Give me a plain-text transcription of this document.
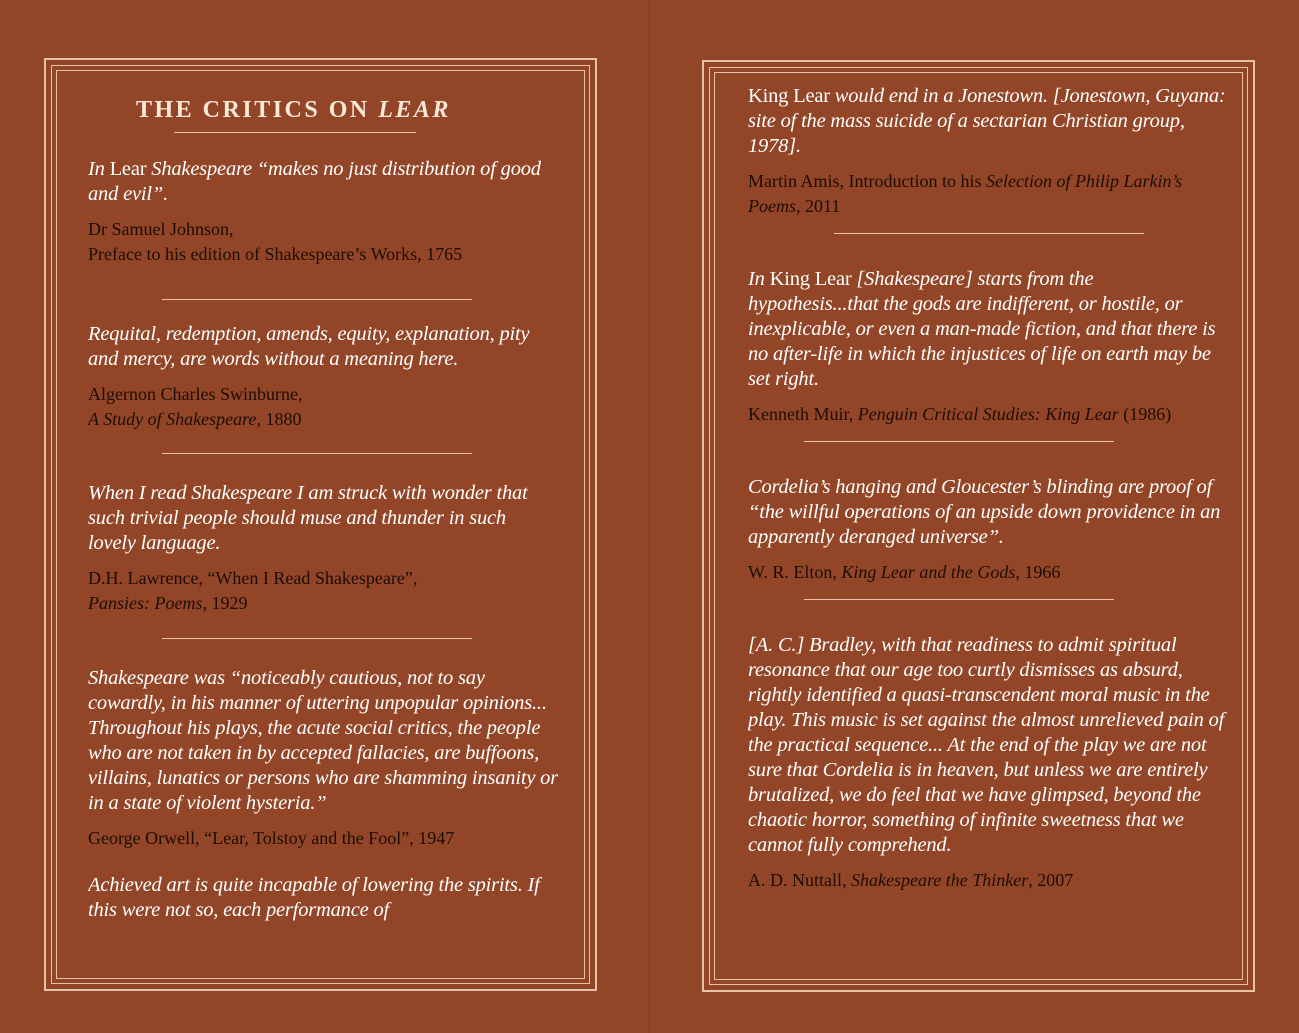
THE CRITICS ON LEAR

In Lear Shakespeare “makes no just distribution of good and evil”.

Dr Samuel Johnson,
Preface to his edition of Shakespeare’s Works, 1765

Requital, redemption, amends, equity, explanation, pity and mercy, are words without a meaning here.

Algernon Charles Swinburne,
A Study of Shakespeare, 1880

When I read Shakespeare I am struck with wonder that such trivial people should muse and thunder in such lovely language.

D.H. Lawrence, “When I Read Shakespeare”,
Pansies: Poems, 1929

Shakespeare was “noticeably cautious, not to say cowardly, in his manner of uttering unpopular opinions... Throughout his plays, the acute social critics, the people who are not taken in by accepted fallacies, are buffoons, villains, lunatics or persons who are shamming insanity or in a state of violent hysteria.”

George Orwell, “Lear, Tolstoy and the Fool”, 1947

Achieved art is quite incapable of lowering the spirits. If this were not so, each performance of

King Lear would end in a Jonestown. [Jonestown, Guyana: site of the mass suicide of a sectarian Christian group, 1978].

Martin Amis, Introduction to his Selection of Philip Larkin’s Poems, 2011

In King Lear [Shakespeare] starts from the hypothesis...that the gods are indifferent, or hostile, or inexplicable, or even a man-made fiction, and that there is no after-life in which the injustices of life on earth may be set right.

Kenneth Muir, Penguin Critical Studies: King Lear (1986)

Cordelia’s hanging and Gloucester’s blinding are proof of “the willful operations of an upside down providence in an apparently deranged universe”.

W. R. Elton, King Lear and the Gods, 1966

[A. C.] Bradley, with that readiness to admit spiritual resonance that our age too curtly dismisses as absurd, rightly identified a quasi-transcendent moral music in the play. This music is set against the almost unrelieved pain of the practical sequence... At the end of the play we are not sure that Cordelia is in heaven, but unless we are entirely brutalized, we do feel that we have glimpsed, beyond the chaotic horror, something of infinite sweetness that we cannot fully comprehend.

A. D. Nuttall, Shakespeare the Thinker, 2007
